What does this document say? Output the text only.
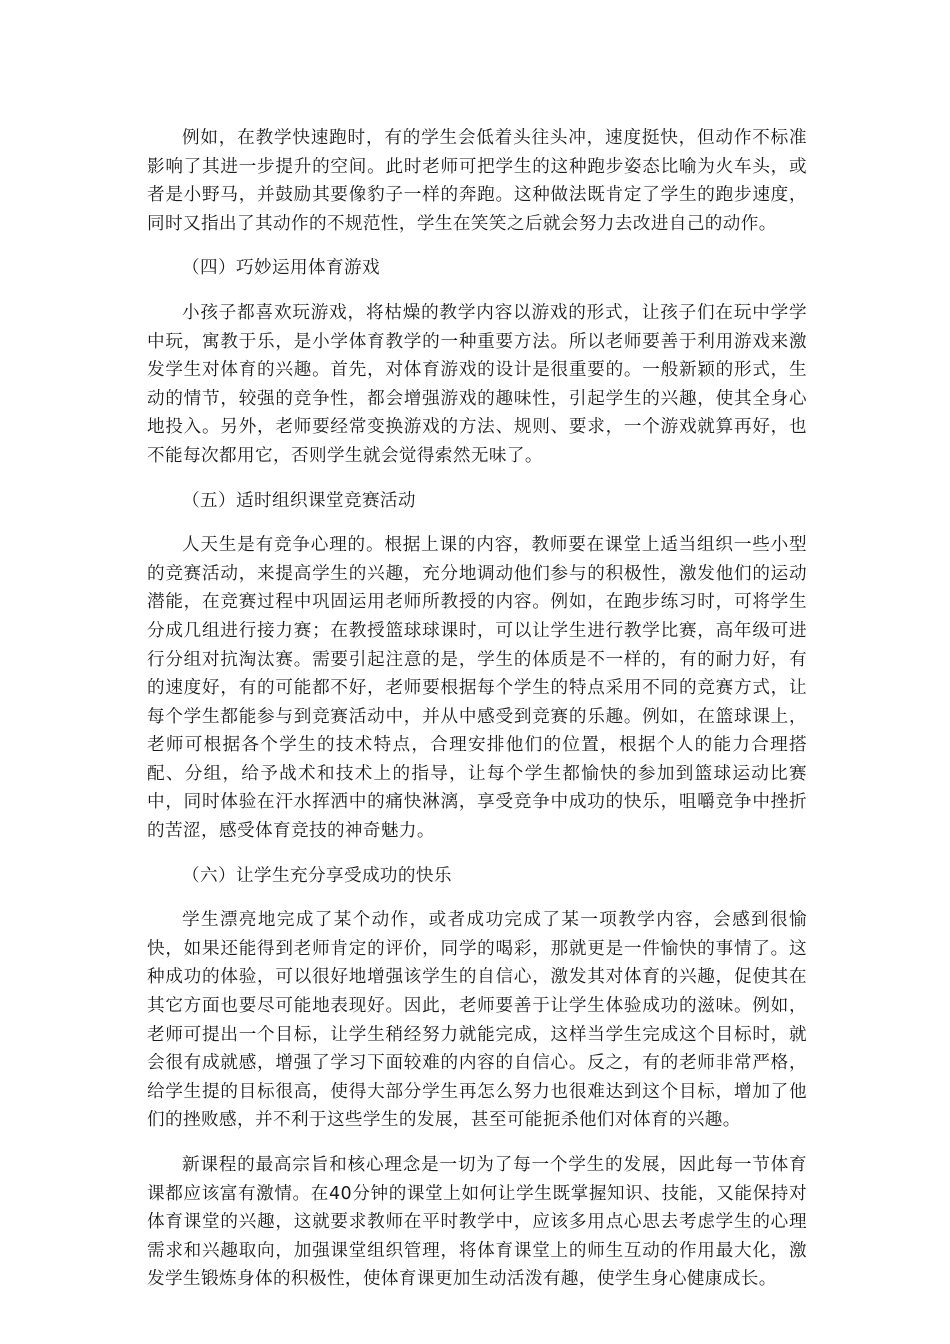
例如，在教学快速跑时，有的学生会低着头往头冲，速度挺快，但动作不标准影响了其进一步提升的空间。此时老师可把学生的这种跑步姿态比喻为火车头，或者是小野马，并鼓励其要像豹子一样的奔跑。这种做法既肯定了学生的跑步速度，同时又指出了其动作的不规范性，学生在笑笑之后就会努力去改进自己的动作。

（四）巧妙运用体育游戏

小孩子都喜欢玩游戏，将枯燥的教学内容以游戏的形式，让孩子们在玩中学学中玩，寓教于乐，是小学体育教学的一种重要方法。所以老师要善于利用游戏来激发学生对体育的兴趣。首先，对体育游戏的设计是很重要的。一般新颖的形式，生动的情节，较强的竞争性，都会增强游戏的趣味性，引起学生的兴趣，使其全身心地投入。另外，老师要经常变换游戏的方法、规则、要求，一个游戏就算再好，也不能每次都用它，否则学生就会觉得索然无味了。

（五）适时组织课堂竞赛活动

人天生是有竞争心理的。根据上课的内容，教师要在课堂上适当组织一些小型的竞赛活动，来提高学生的兴趣，充分地调动他们参与的积极性，激发他们的运动潜能，在竞赛过程中巩固运用老师所教授的内容。例如，在跑步练习时，可将学生分成几组进行接力赛；在教授篮球球课时，可以让学生进行教学比赛，高年级可进行分组对抗淘汰赛。需要引起注意的是，学生的体质是不一样的，有的耐力好，有的速度好，有的可能都不好，老师要根据每个学生的特点采用不同的竞赛方式，让每个学生都能参与到竞赛活动中，并从中感受到竞赛的乐趣。例如，在篮球课上，老师可根据各个学生的技术特点，合理安排他们的位置，根据个人的能力合理搭配、分组，给予战术和技术上的指导，让每个学生都愉快的参加到篮球运动比赛中，同时体验在汗水挥洒中的痛快淋漓，享受竞争中成功的快乐，咀嚼竞争中挫折的苦涩，感受体育竞技的神奇魅力。

（六）让学生充分享受成功的快乐

学生漂亮地完成了某个动作，或者成功完成了某一项教学内容，会感到很愉快，如果还能得到老师肯定的评价，同学的喝彩，那就更是一件愉快的事情了。这种成功的体验，可以很好地增强该学生的自信心，激发其对体育的兴趣，促使其在其它方面也要尽可能地表现好。因此，老师要善于让学生体验成功的滋味。例如，老师可提出一个目标，让学生稍经努力就能完成，这样当学生完成这个目标时，就会很有成就感，增强了学习下面较难的内容的自信心。反之，有的老师非常严格，给学生提的目标很高，使得大部分学生再怎么努力也很难达到这个目标，增加了他们的挫败感，并不利于这些学生的发展，甚至可能扼杀他们对体育的兴趣。

新课程的最高宗旨和核心理念是一切为了每一个学生的发展，因此每一节体育课都应该富有激情。在40分钟的课堂上如何让学生既掌握知识、技能，又能保持对体育课堂的兴趣，这就要求教师在平时教学中，应该多用点心思去考虑学生的心理需求和兴趣取向，加强课堂组织管理，将体育课堂上的师生互动的作用最大化，激发学生锻炼身体的积极性，使体育课更加生动活泼有趣，使学生身心健康成长。
